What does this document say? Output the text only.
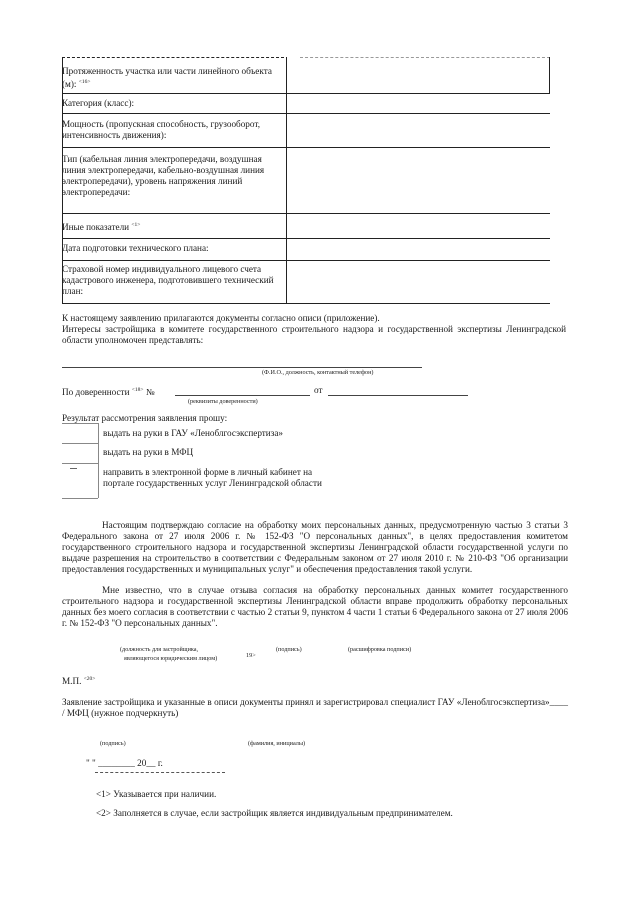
Протяженность участка или части линейного объекта (м): $^{<16>}$
Категория (класс):
Мощность (пропускная способность, грузооборот, интенсивность движения):
Тип (кабельная линия электропередачи, воздушная линия электропередачи, кабельно-воздушная линия электропередачи), уровень напряжения линий электропередачи:
Иные показатели $^{<1>}$
Дата подготовки технического плана:
Страховой номер индивидуального лицевого счета кадастрового инженера, подготовившего технический план:
К настоящему заявлению прилагаются документы согласно описи (приложение).
Интересы застройщика в комитете государственного строительного надзора и государственной экспертизы Ленинградской области уполномочен представлять:
(Ф.И.О., должность, контактный телефон)
По доверенности $^{<18>}$ №	от
(реквизиты доверенности)
Результат рассмотрения заявления прошу:
выдать на руки в ГАУ «Леноблгосэкспертиза»
выдать на руки в МФЦ
направить в электронной форме в личный кабинет на портале государственных услуг Ленинградской области
Настоящим подтверждаю согласие на обработку моих персональных данных, предусмотренную частью 3 статьи 3 Федерального закона от 27 июля 2006 г. № 152-ФЗ "О персональных данных", в целях предоставления комитетом государственного строительного надзора и государственной экспертизы Ленинградской области государственной услуги по выдаче разрешения на строительство в соответствии с Федеральным законом от 27 июля 2010 г. № 210-ФЗ "Об организации предоставления государственных и муниципальных услуг" и обеспечения предоставления такой услуги.
Мне известно, что в случае отзыва согласия на обработку персональных данных комитет государственного строительного надзора и государственной экспертизы Ленинградской области вправе продолжить обработку персональных данных без моего согласия в соответствии с частью 2 статьи 9, пунктом 4 части 1 статьи 6 Федерального закона от 27 июля 2006 г. № 152-ФЗ "О персональных данных".
(должность для застройщика,
являющегося юридическим лицом)	19>
(подпись)	(расшифровка подписи)
М.П. $^{<20>}$
Заявление застройщика и указанные в описи документы принял и зарегистрировал специалист ГАУ «Леноблгосэкспертиза»____ / МФЦ (нужное подчеркнуть)
(подпись)	(фамилия, инициалы)
" " ________ 20__ г.
<1> Указывается при наличии.
<2> Заполняется в случае, если застройщик является индивидуальным предпринимателем.
